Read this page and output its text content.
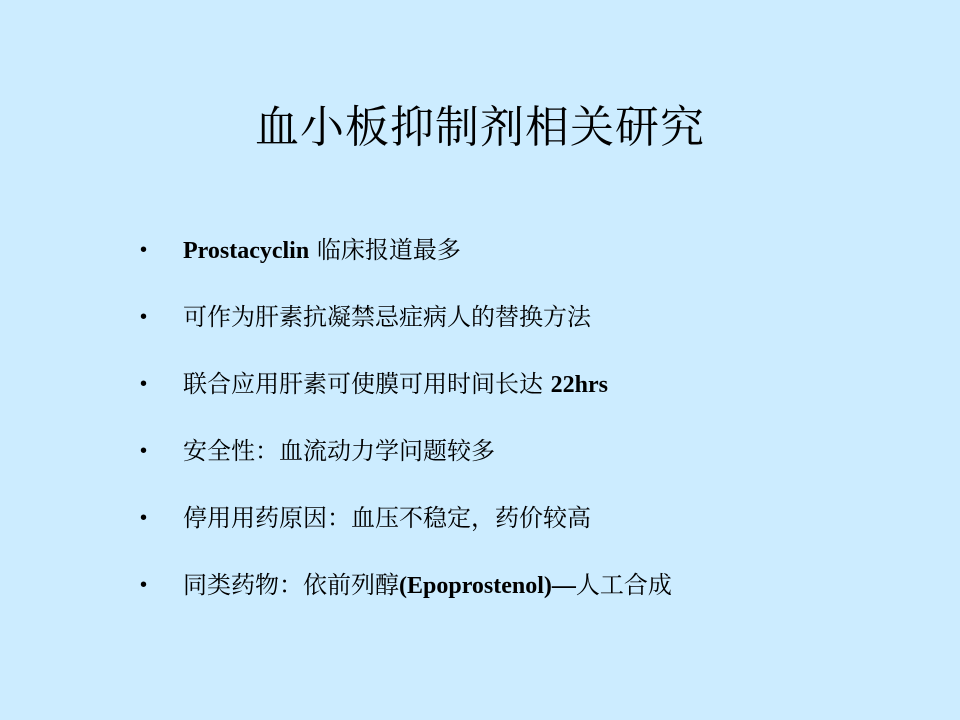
血小板抑制剂相关研究
•	Prostacyclin 临床报道最多
•	可作为肝素抗凝禁忌症病人的替换方法
•	联合应用肝素可使膜可用时间长达 22hrs
•	安全性：血流动力学问题较多
•	停用用药原因：血压不稳定，药价较高
•	同类药物：依前列醇(Epoprostenol)—人工合成
